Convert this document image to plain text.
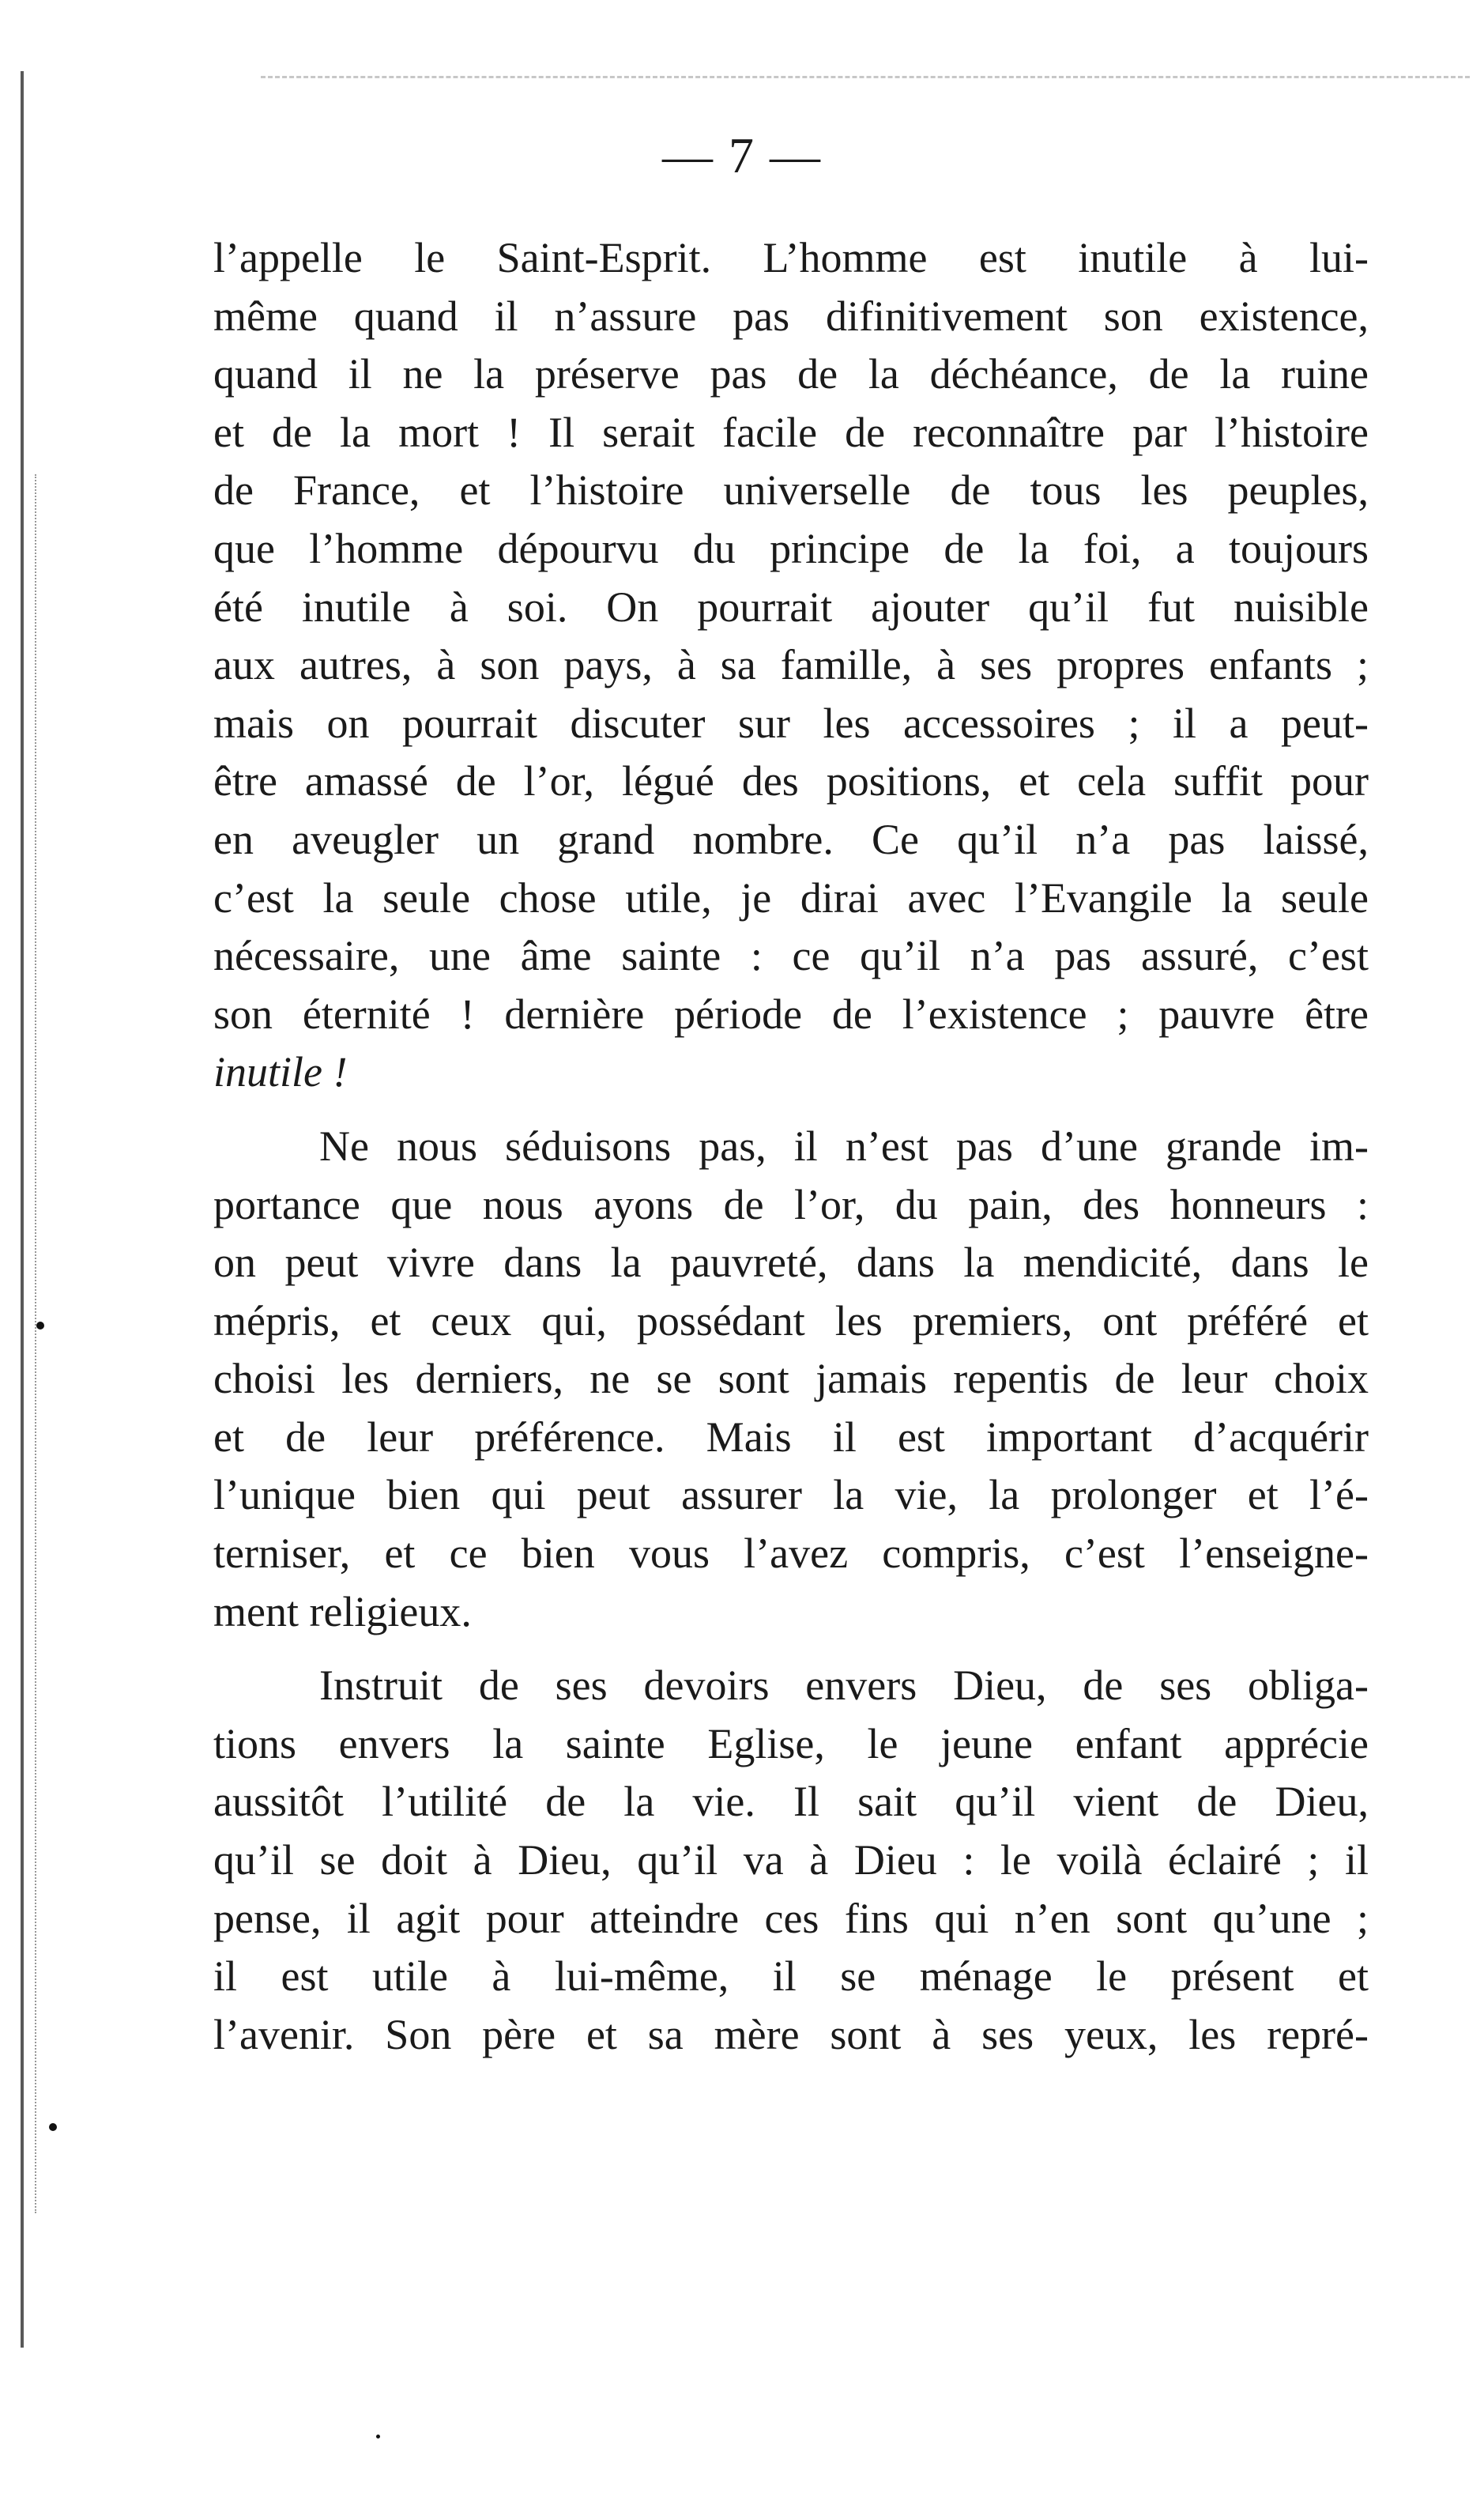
— 7 —
l’appelle le Saint-Esprit. L’homme est inutile à lui-
même quand il n’assure pas difinitivement son existence,
quand il ne la préserve pas de la déchéance, de la ruine
et de la mort ! Il serait facile de reconnaître par l’histoire
de France, et l’histoire universelle de tous les peuples,
que l’homme dépourvu du principe de la foi, a toujours
été inutile à soi. On pourrait ajouter qu’il fut nuisible
aux autres, à son pays, à sa famille, à ses propres enfants ;
mais on pourrait discuter sur les accessoires ; il a peut-
être amassé de l’or, légué des positions, et cela suffit pour
en aveugler un grand nombre. Ce qu’il n’a pas laissé,
c’est la seule chose utile, je dirai avec l’Evangile la seule
nécessaire, une âme sainte : ce qu’il n’a pas assuré, c’est
son éternité ! dernière période de l’existence ; pauvre être
inutile !
Ne nous séduisons pas, il n’est pas d’une grande im-
portance que nous ayons de l’or, du pain, des honneurs :
on peut vivre dans la pauvreté, dans la mendicité, dans le
mépris, et ceux qui, possédant les premiers, ont préféré et
choisi les derniers, ne se sont jamais repentis de leur choix
et de leur préférence. Mais il est important d’acquérir
l’unique bien qui peut assurer la vie, la prolonger et l’é-
terniser, et ce bien vous l’avez compris, c’est l’enseigne-
ment religieux.
Instruit de ses devoirs envers Dieu, de ses obliga-
tions envers la sainte Eglise, le jeune enfant apprécie
aussitôt l’utilité de la vie. Il sait qu’il vient de Dieu,
qu’il se doit à Dieu, qu’il va à Dieu : le voilà éclairé ; il
pense, il agit pour atteindre ces fins qui n’en sont qu’une ;
il est utile à lui-même, il se ménage le présent et
l’avenir. Son père et sa mère sont à ses yeux, les repré-
